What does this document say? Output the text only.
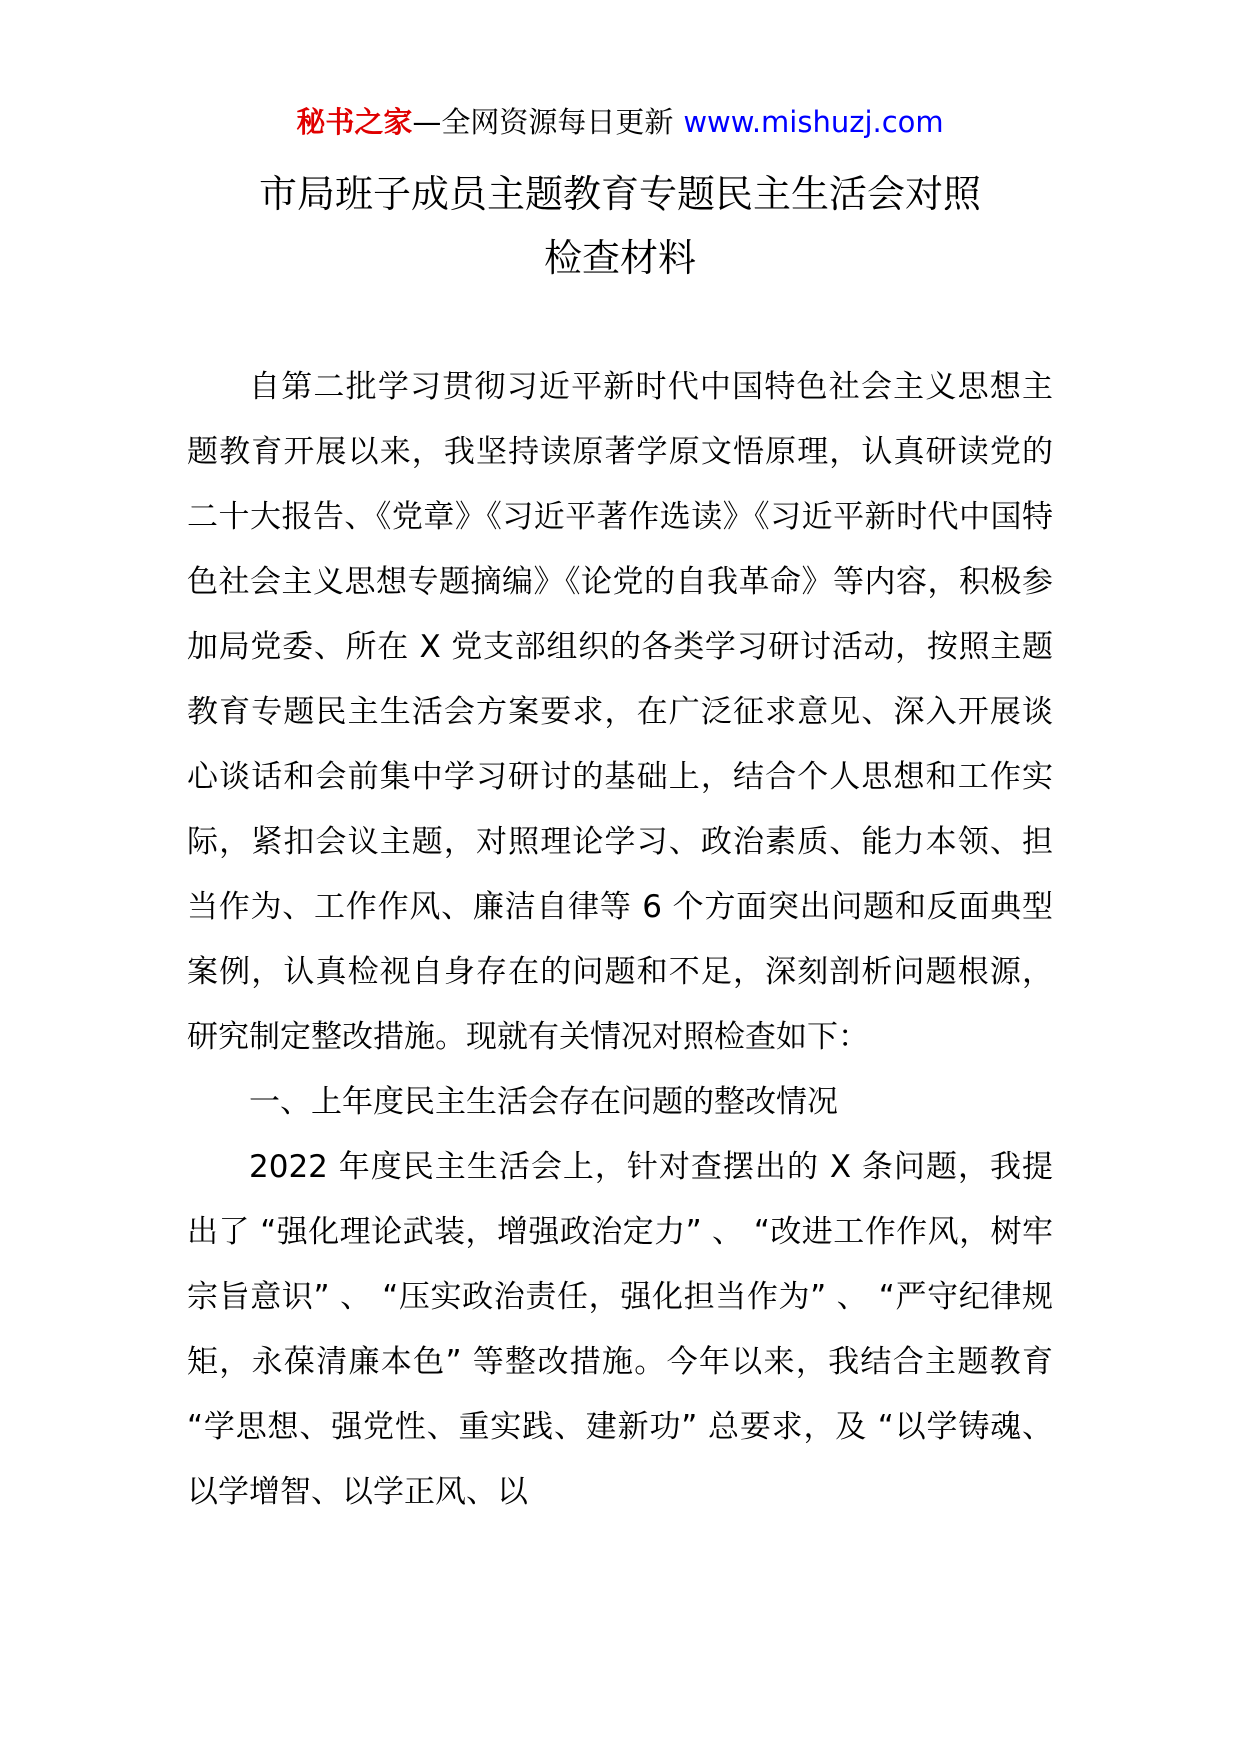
秘书之家—全网资源每日更新 www.mishuzj.com
市局班子成员主题教育专题民主生活会对照
检查材料

自第二批学习贯彻习近平新时代中国特色社会主义思想主题教育开展以来，我坚持读原著学原文悟原理，认真研读党的二十大报告、《党章》《习近平著作选读》《习近平新时代中国特色社会主义思想专题摘编》《论党的自我革命》等内容，积极参加局党委、所在 X 党支部组织的各类学习研讨活动，按照主题教育专题民主生活会方案要求，在广泛征求意见、深入开展谈心谈话和会前集中学习研讨的基础上，结合个人思想和工作实际，紧扣会议主题，对照理论学习、政治素质、能力本领、担当作为、工作作风、廉洁自律等 6 个方面突出问题和反面典型案例，认真检视自身存在的问题和不足，深刻剖析问题根源，研究制定整改措施。现就有关情况对照检查如下：

一、上年度民主生活会存在问题的整改情况

2022 年度民主生活会上，针对查摆出的 X 条问题，我提出了 “强化理论武装，增强政治定力” 、 “改进工作作风，树牢宗旨意识” 、 “压实政治责任，强化担当作为” 、 “严守纪律规矩，永葆清廉本色” 等整改措施。今年以来，我结合主题教育 “学思想、强党性、重实践、建新功” 总要求，及 “以学铸魂、以学增智、以学正风、以
